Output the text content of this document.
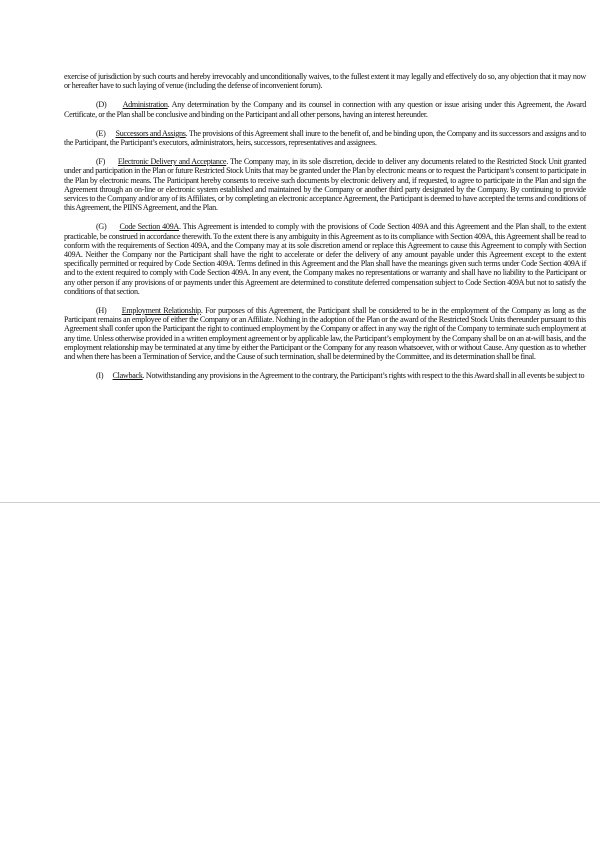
exercise of jurisdiction by such courts and hereby irrevocably and unconditionally waives, to the fullest extent it may legally and effectively do so, any objection that it may now or hereafter have to such laying of venue (including the defense of inconvenient forum).

(D) Administration. Any determination by the Company and its counsel in connection with any question or issue arising under this Agreement, the Award Certificate, or the Plan shall be conclusive and binding on the Participant and all other persons, having an interest hereunder.

(E) Successors and Assigns. The provisions of this Agreement shall inure to the benefit of, and be binding upon, the Company and its successors and assigns and to the Participant, the Participant’s executors, administrators, heirs, successors, representatives and assignees.

(F) Electronic Delivery and Acceptance. The Company may, in its sole discretion, decide to deliver any documents related to the Restricted Stock Unit granted under and participation in the Plan or future Restricted Stock Units that may be granted under the Plan by electronic means or to request the Participant’s consent to participate in the Plan by electronic means. The Participant hereby consents to receive such documents by electronic delivery and, if requested, to agree to participate in the Plan and sign the Agreement through an on-line or electronic system established and maintained by the Company or another third party designated by the Company. By continuing to provide services to the Company and/or any of its Affiliates, or by completing an electronic acceptance Agreement, the Participant is deemed to have accepted the terms and conditions of this Agreement, the PIINS Agreement, and the Plan.

(G) Code Section 409A. This Agreement is intended to comply with the provisions of Code Section 409A and this Agreement and the Plan shall, to the extent practicable, be construed in accordance therewith. To the extent there is any ambiguity in this Agreement as to its compliance with Section 409A, this Agreement shall be read to conform with the requirements of Section 409A, and the Company may at its sole discretion amend or replace this Agreement to cause this Agreement to comply with Section 409A. Neither the Company nor the Participant shall have the right to accelerate or defer the delivery of any amount payable under this Agreement except to the extent specifically permitted or required by Code Section 409A. Terms defined in this Agreement and the Plan shall have the meanings given such terms under Code Section 409A if and to the extent required to comply with Code Section 409A. In any event, the Company makes no representations or warranty and shall have no liability to the Participant or any other person if any provisions of or payments under this Agreement are determined to constitute deferred compensation subject to Code Section 409A but not to satisfy the conditions of that section.

(H) Employment Relationship. For purposes of this Agreement, the Participant shall be considered to be in the employment of the Company as long as the Participant remains an employee of either the Company or an Affiliate. Nothing in the adoption of the Plan or the award of the Restricted Stock Units thereunder pursuant to this Agreement shall confer upon the Participant the right to continued employment by the Company or affect in any way the right of the Company to terminate such employment at any time. Unless otherwise provided in a written employment agreement or by applicable law, the Participant’s employment by the Company shall be on an at-will basis, and the employment relationship may be terminated at any time by either the Participant or the Company for any reason whatsoever, with or without Cause. Any question as to whether and when there has been a Termination of Service, and the Cause of such termination, shall be determined by the Committee, and its determination shall be final.

(I) Clawback. Notwithstanding any provisions in the Agreement to the contrary, the Participant’s rights with respect to the this Award shall in all events be subject to
